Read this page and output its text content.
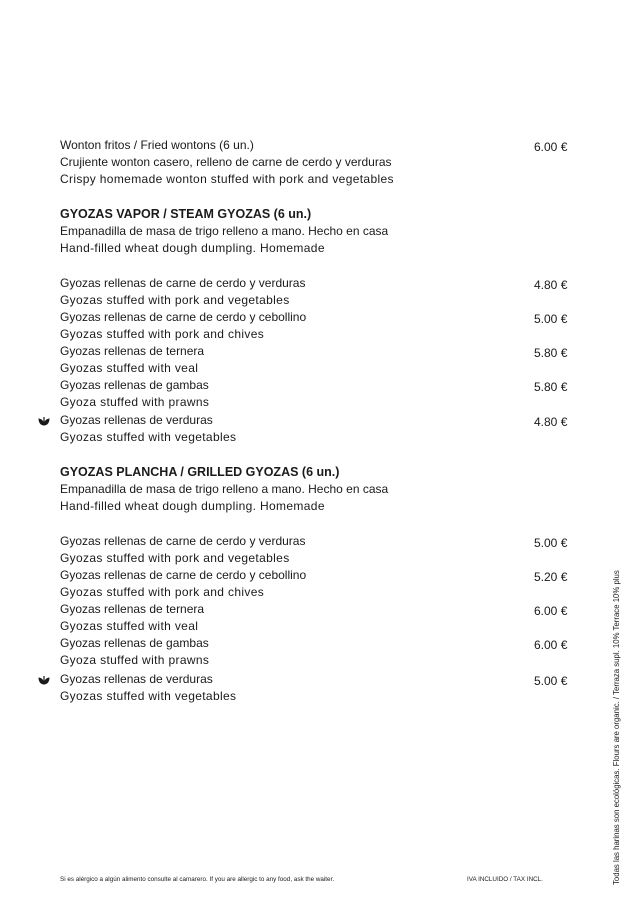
Wonton fritos / Fried wontons (6 un.)	6.00 €
Crujiente wonton casero, relleno de carne de cerdo y verduras
Crispy homemade wonton stuffed with pork and vegetables
GYOZAS VAPOR / STEAM GYOZAS (6 un.)
Empanadilla de masa de trigo relleno a mano. Hecho en casa
Hand-filled wheat dough dumpling. Homemade
Gyozas rellenas de carne de cerdo y verduras	4.80 €
Gyozas stuffed with pork and vegetables
Gyozas rellenas de carne de cerdo y cebollino	5.00 €
Gyozas stuffed with pork and chives
Gyozas rellenas de ternera	5.80 €
Gyozas stuffed with veal
Gyozas rellenas de gambas	5.80 €
Gyoza stuffed with prawns
Gyozas rellenas de verduras	4.80 €
Gyozas stuffed with vegetables
GYOZAS PLANCHA / GRILLED GYOZAS (6 un.)
Empanadilla de masa de trigo relleno a mano. Hecho en casa
Hand-filled wheat dough dumpling. Homemade
Gyozas rellenas de carne de cerdo y verduras	5.00 €
Gyozas stuffed with pork and vegetables
Gyozas rellenas de carne de cerdo y cebollino	5.20 €
Gyozas stuffed with pork and chives
Gyozas rellenas de ternera	6.00 €
Gyozas stuffed with veal
Gyozas rellenas de gambas	6.00 €
Gyoza stuffed with prawns
Gyozas rellenas de verduras	5.00 €
Gyozas stuffed with vegetables
Si es alérgico a algún alimento consulte al camarero. If you are allergic to any food, ask the waiter.	IVA INCLUIDO / TAX INCL.	Todas las harinas son ecológicas. Flours are organic. / Terraza supl. 10% Terrace 10% plus
